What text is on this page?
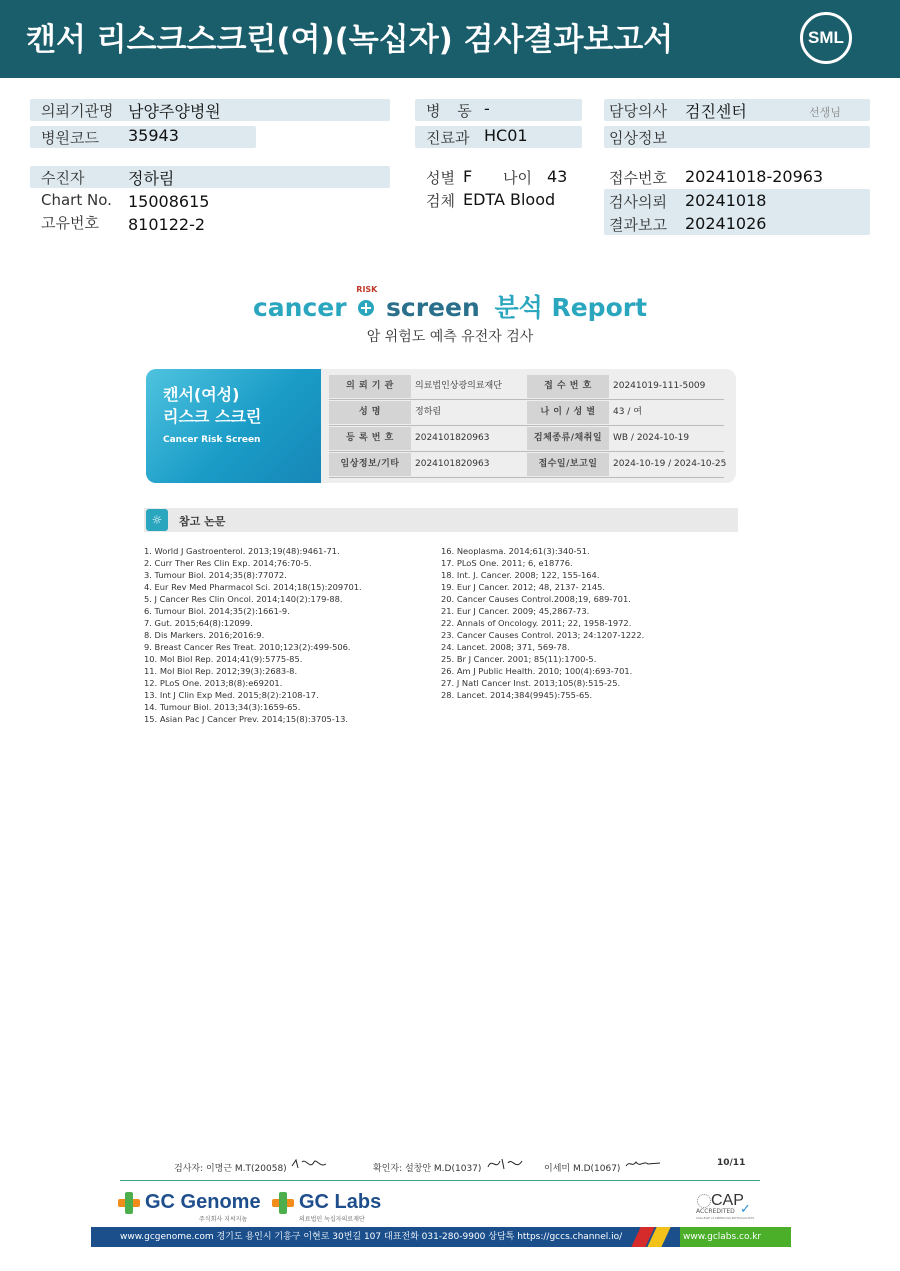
캔서 리스크스크린(여)(녹십자) 검사결과보고서	SML
의뢰기관명 남양주양병원
병원코드 35943
수진자	정하림
Chart No. 15008615
고유번호 810122-2
병 동 -
진료과 HC01
성별 F 나이 43
검체 EDTA Blood
담당의사 검진센터	선생님
임상정보
접수번호 20241018-20963
검사의뢰 20241018
결과보고 20241026
cancer
RISK
screen 분석 Report
암 위험도 예측 유전자 검사
캔서(여성)
리스크 스크린
Cancer Risk Screen
의 뢰 기 관	의료법인상광의료재단	접 수 번 호	20241019-111-5009
성 명	정하림	나 이 / 성 별	43 / 여
등 록 번 호	2024101820963	검체종류/채취일	WB / 2024-10-19
임상정보/기타	2024101820963	접수일/보고일	2024-10-19 / 2024-10-25
☼	참고 논문
1. World J Gastroenterol. 2013;19(48):9461-71.
2. Curr Ther Res Clin Exp. 2014;76:70-5.
3. Tumour Biol. 2014;35(8):77072.
4. Eur Rev Med Pharmacol Sci. 2014;18(15):209701.
5. J Cancer Res Clin Oncol. 2014;140(2):179-88.
6. Tumour Biol. 2014;35(2):1661-9.
7. Gut. 2015;64(8):12099.
8. Dis Markers. 2016;2016:9.
9. Breast Cancer Res Treat. 2010;123(2):499-506.
10. Mol Biol Rep. 2014;41(9):5775-85.
11. Mol Biol Rep. 2012;39(3):2683-8.
12. PLoS One. 2013;8(8):e69201.
13. Int J Clin Exp Med. 2015;8(2):2108-17.
14. Tumour Biol. 2013;34(3):1659-65.
15. Asian Pac J Cancer Prev. 2014;15(8):3705-13.
16. Neoplasma. 2014;61(3):340-51.
17. PLoS One. 2011; 6, e18776.
18. Int. J. Cancer. 2008; 122, 155-164.
19. Eur J Cancer. 2012; 48, 2137- 2145.
20. Cancer Causes Control.2008;19, 689-701.
21. Eur J Cancer. 2009; 45,2867-73.
22. Annals of Oncology. 2011; 22, 1958-1972.
23. Cancer Causes Control. 2013; 24:1207-1222.
24. Lancet. 2008; 371, 569-78.
25. Br J Cancer. 2001; 85(11):1700-5.
26. Am J Public Health. 2010; 100(4):693-701.
27. J Natl Cancer Inst. 2013;105(8):515-25.
28. Lancet. 2014;384(9945):755-65.
검사자: 이명근 M.T(20058)	확인자: 설창안 M.D(1037)	이세미 M.D(1067)
10/11
GC Genome
주식회사 지씨지놈
GC Labs
의료법인 녹십자의료재단
CAP
ACCREDITED ✓
COLLEGE of AMERICAN PATHOLOGISTS
www.gcgenome.com 경기도 용인시 기흥구 이현로 30번길 107 대표전화 031-280-9900 상담톡 https://gccs.channel.io/	www.gclabs.co.kr
